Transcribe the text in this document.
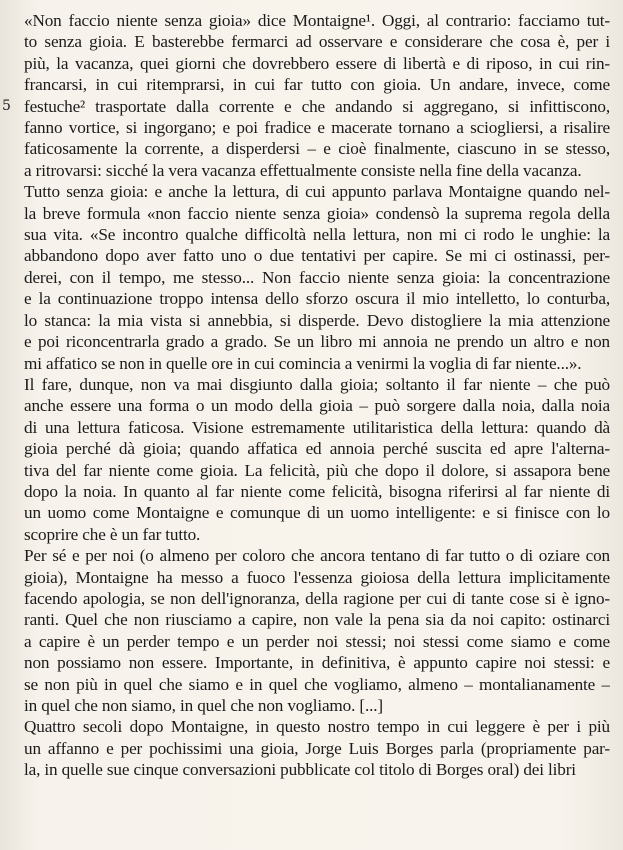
5
«Non faccio niente senza gioia» dice Montaigne¹. Oggi, al contrario: facciamo tut-
to senza gioia. E basterebbe fermarci ad osservare e considerare che cosa è, per i
più, la vacanza, quei giorni che dovrebbero essere di libertà e di riposo, in cui rin-
francarsi, in cui ritemprarsi, in cui far tutto con gioia. Un andare, invece, come
festuche² trasportate dalla corrente e che andando si aggregano, si infittiscono,
fanno vortice, si ingorgano; e poi fradice e macerate tornano a sciogliersi, a risalire
faticosamente la corrente, a disperdersi – e cioè finalmente, ciascuno in se stesso,
a ritrovarsi: sicché la vera vacanza effettualmente consiste nella fine della vacanza.
Tutto senza gioia: e anche la lettura, di cui appunto parlava Montaigne quando nel-
la breve formula «non faccio niente senza gioia» condensò la suprema regola della
sua vita. «Se incontro qualche difficoltà nella lettura, non mi ci rodo le unghie: la
abbandono dopo aver fatto uno o due tentativi per capire. Se mi ci ostinassi, per-
derei, con il tempo, me stesso... Non faccio niente senza gioia: la concentrazione
e la continuazione troppo intensa dello sforzo oscura il mio intelletto, lo conturba,
lo stanca: la mia vista si annebbia, si disperde. Devo distogliere la mia attenzione
e poi riconcentrarla grado a grado. Se un libro mi annoia ne prendo un altro e non
mi affatico se non in quelle ore in cui comincia a venirmi la voglia di far niente...».
Il fare, dunque, non va mai disgiunto dalla gioia; soltanto il far niente – che può
anche essere una forma o un modo della gioia – può sorgere dalla noia, dalla noia
di una lettura faticosa. Visione estremamente utilitaristica della lettura: quando dà
gioia perché dà gioia; quando affatica ed annoia perché suscita ed apre l'alterna-
tiva del far niente come gioia. La felicità, più che dopo il dolore, si assapora bene
dopo la noia. In quanto al far niente come felicità, bisogna riferirsi al far niente di
un uomo come Montaigne e comunque di un uomo intelligente: e si finisce con lo
scoprire che è un far tutto.
Per sé e per noi (o almeno per coloro che ancora tentano di far tutto o di oziare con
gioia), Montaigne ha messo a fuoco l'essenza gioiosa della lettura implicitamente
facendo apologia, se non dell'ignoranza, della ragione per cui di tante cose si è igno-
ranti. Quel che non riusciamo a capire, non vale la pena sia da noi capito: ostinarci
a capire è un perder tempo e un perder noi stessi; noi stessi come siamo e come
non possiamo non essere. Importante, in definitiva, è appunto capire noi stessi: e
se non più in quel che siamo e in quel che vogliamo, almeno – montalianamente –
in quel che non siamo, in quel che non vogliamo. [...]
Quattro secoli dopo Montaigne, in questo nostro tempo in cui leggere è per i più
un affanno e per pochissimi una gioia, Jorge Luis Borges parla (propriamente par-
la, in quelle sue cinque conversazioni pubblicate col titolo di Borges oral) dei libri
